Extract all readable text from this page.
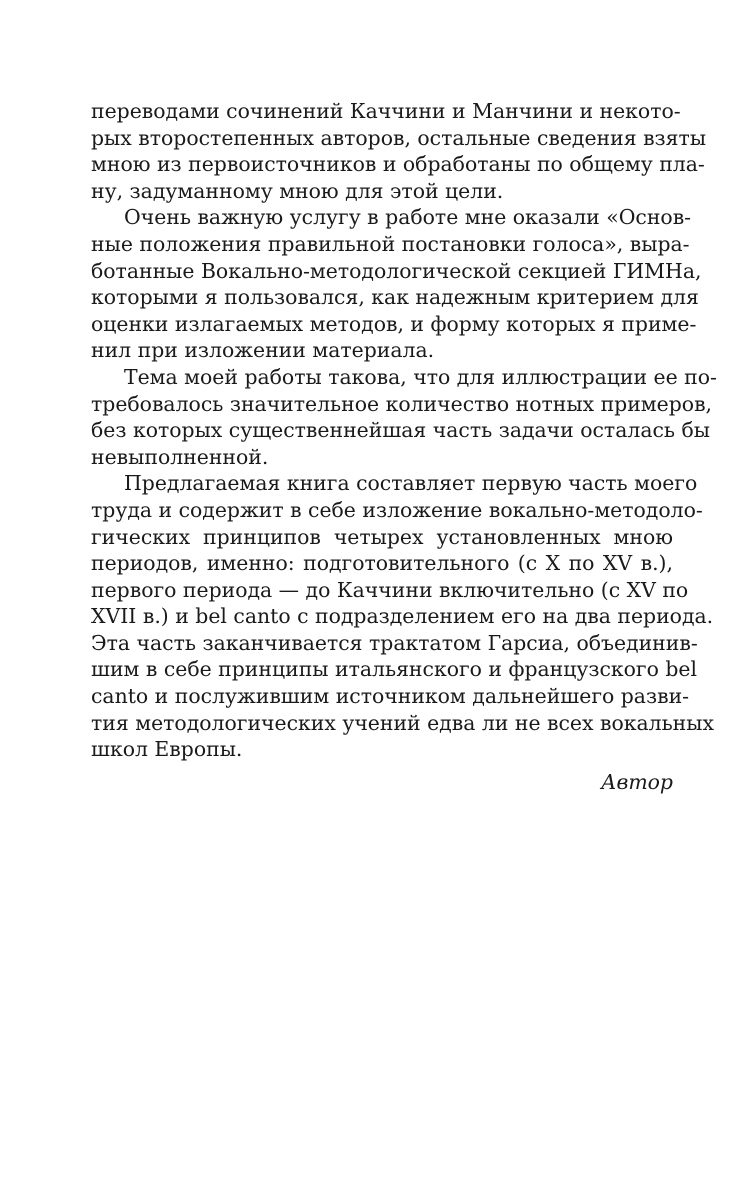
переводами сочинений Каччини и Манчини и некото-
рых второстепенных авторов, остальные сведения взяты
мною из первоисточников и обработаны по общему пла-
ну, задуманному мною для этой цели.
Очень важную услугу в работе мне оказали «Основ-
ные положения правильной постановки голоса», выра-
ботанные Вокально-методологической секцией ГИМНа,
которыми я пользовался, как надежным критерием для
оценки излагаемых методов, и форму которых я приме-
нил при изложении материала.
Тема моей работы такова, что для иллюстрации ее по-
требовалось значительное количество нотных примеров,
без которых существеннейшая часть задачи осталась бы
невыполненной.
Предлагаемая книга составляет первую часть моего
труда и содержит в себе изложение вокально-методоло-
гических принципов четырех установленных мною
периодов, именно: подготовительного (с X по XV в.),
первого периода — до Каччини включительно (с XV по
XVII в.) и bel canto с подразделением его на два периода.
Эта часть заканчивается трактатом Гарсиа, объединив-
шим в себе принципы итальянского и французского bel
canto и послужившим источником дальнейшего разви-
тия методологических учений едва ли не всех вокальных
школ Европы.
Автор
